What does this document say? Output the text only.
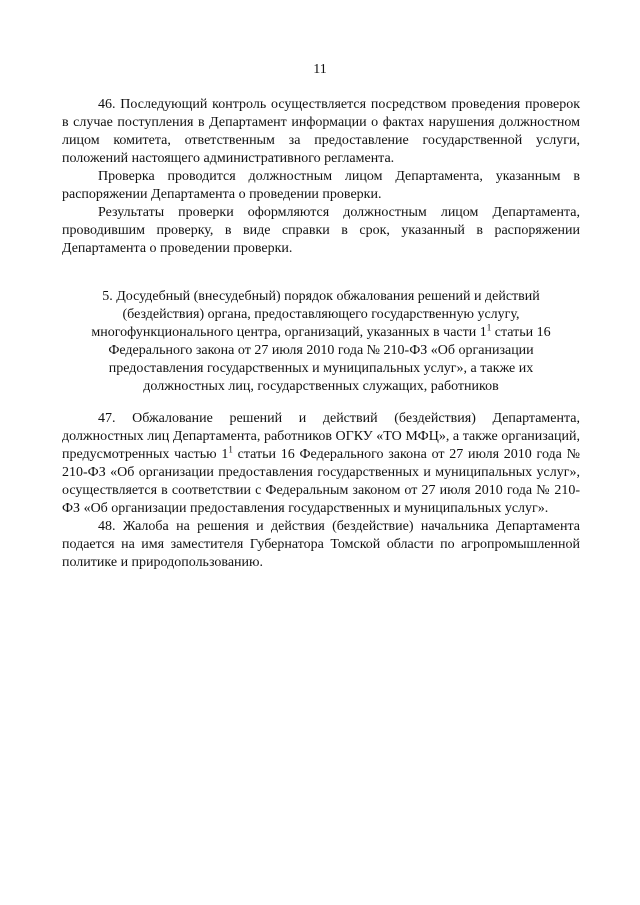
11

46. Последующий контроль осуществляется посредством проведения проверок в случае поступления в Департамент информации о фактах нарушения должностном лицом комитета, ответственным за предоставление государственной услуги, положений настоящего административного регламента.

Проверка проводится должностным лицом Департамента, указанным в распоряжении Департамента о проведении проверки.

Результаты проверки оформляются должностным лицом Департамента, проводившим проверку, в виде справки в срок, указанный в распоряжении Департамента о проведении проверки.

5. Досудебный (внесудебный) порядок обжалования решений и действий
(бездействия) органа, предоставляющего государственную услугу,
многофункционального центра, организаций, указанных в части $1^1$ статьи 16
Федерального закона от 27 июля 2010 года № 210-ФЗ «Об организации
предоставления государственных и муниципальных услуг», а также их
должностных лиц, государственных служащих, работников

47. Обжалование решений и действий (бездействия) Департамента, должностных лиц Департамента, работников ОГКУ «ТО МФЦ», а также организаций, предусмотренных частью $1^1$ статьи 16 Федерального закона от 27 июля 2010 года № 210-ФЗ «Об организации предоставления государственных и муниципальных услуг», осуществляется в соответствии с Федеральным законом от 27 июля 2010 года № 210-ФЗ «Об организации предоставления государственных и муниципальных услуг».

48. Жалоба на решения и действия (бездействие) начальника Департамента подается на имя заместителя Губернатора Томской области по агропромышленной политике и природопользованию.
